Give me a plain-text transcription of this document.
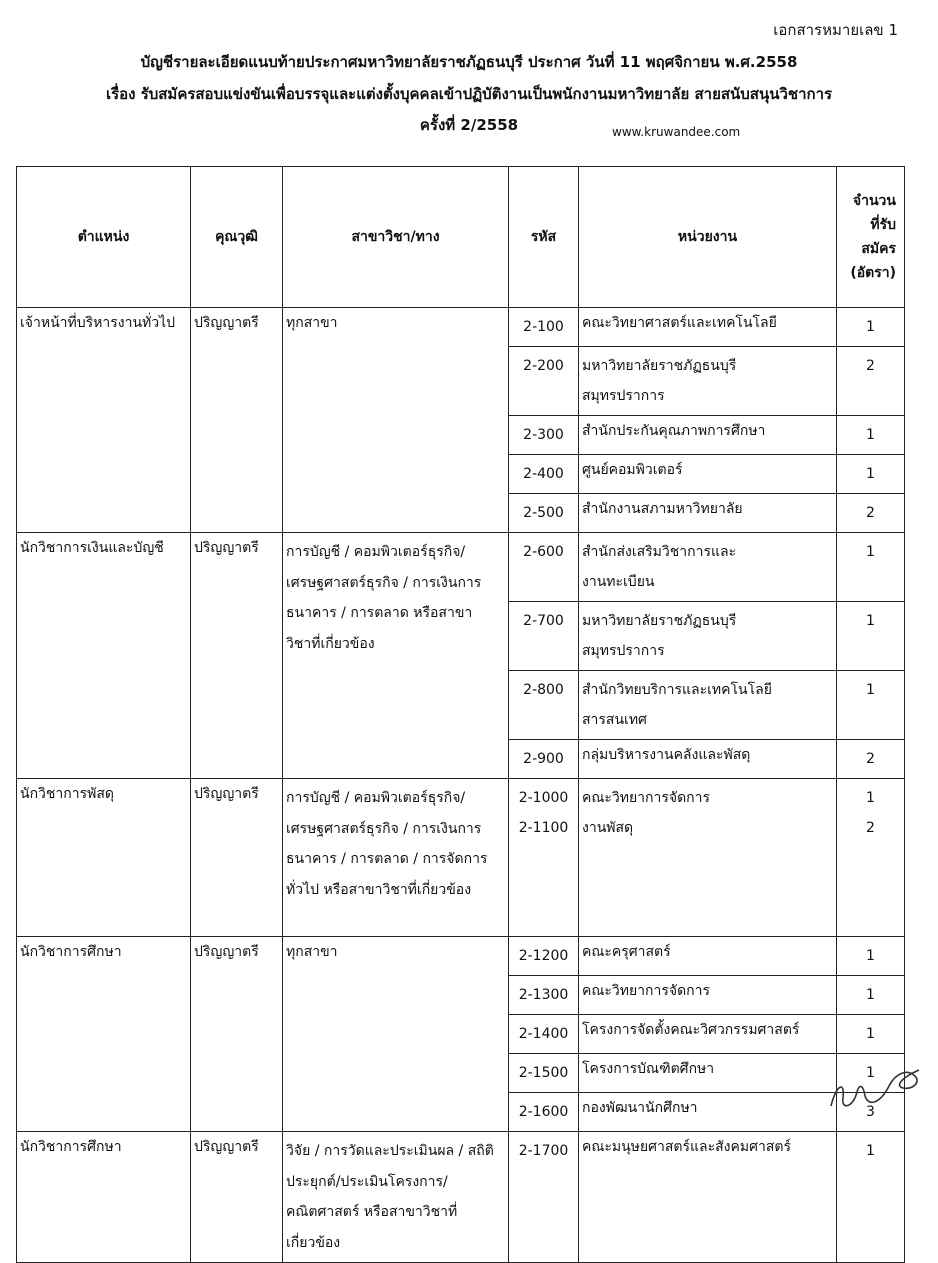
เอกสารหมายเลข 1
บัญชีรายละเอียดแนบท้ายประกาศมหาวิทยาลัยราชภัฏธนบุรี ประกาศ วันที่ 11 พฤศจิกายน พ.ศ.2558
เรื่อง รับสมัครสอบแข่งขันเพื่อบรรจุและแต่งตั้งบุคคลเข้าปฏิบัติงานเป็นพนักงานมหาวิทยาลัย สายสนับสนุนวิชาการ
ครั้งที่ 2/2558	www.kruwandee.com
ตำแหน่ง	คุณวุฒิ	สาขาวิชา/ทาง	รหัส	หน่วยงาน	จำนวน
ที่รับ
สมัคร
(อัตรา)

เจ้าหน้าที่บริหารงานทั่วไป	ปริญญาตรี	ทุกสาขา	2-100	คณะวิทยาศาสตร์และเทคโนโลยี	1

			2-200	มหาวิทยาลัยราชภัฏธนบุรี สมุทรปราการ	2

			2-300	สำนักประกันคุณภาพการศึกษา	1

			2-400	ศูนย์คอมพิวเตอร์	1

			2-500	สำนักงานสภามหาวิทยาลัย	2

นักวิชาการเงินและบัญชี	ปริญญาตรี	การบัญชี / คอมพิวเตอร์ธุรกิจ/ เศรษฐศาสตร์ธุรกิจ / การเงินการธนาคาร / การตลาด หรือสาขาวิชาที่เกี่ยวข้อง	2-600	สำนักส่งเสริมวิชาการและ งานทะเบียน	1

			2-700	มหาวิทยาลัยราชภัฏธนบุรี สมุทรปราการ	1

			2-800	สำนักวิทยบริการและเทคโนโลยี สารสนเทศ	1

			2-900	กลุ่มบริหารงานคลังและพัสดุ	2

นักวิชาการพัสดุ	ปริญญาตรี	การบัญชี / คอมพิวเตอร์ธุรกิจ/ เศรษฐศาสตร์ธุรกิจ / การเงินการธนาคาร / การตลาด / การจัดการทั่วไป หรือสาขาวิชาที่เกี่ยวข้อง	2-1000 2-1100	คณะวิทยาการจัดการ งานพัสดุ	1 2

นักวิชาการศึกษา	ปริญญาตรี	ทุกสาขา	2-1200	คณะครุศาสตร์	1

			2-1300	คณะวิทยาการจัดการ	1

			2-1400	โครงการจัดตั้งคณะวิศวกรรมศาสตร์	1

			2-1500	โครงการบัณฑิตศึกษา	1

			2-1600	กองพัฒนานักศึกษา	3

นักวิชาการศึกษา	ปริญญาตรี	วิจัย / การวัดและประเมินผล / สถิติประยุกต์/ประเมินโครงการ/ คณิตศาสตร์ หรือสาขาวิชาที่เกี่ยวข้อง	2-1700	คณะมนุษยศาสตร์และสังคมศาสตร์	1
